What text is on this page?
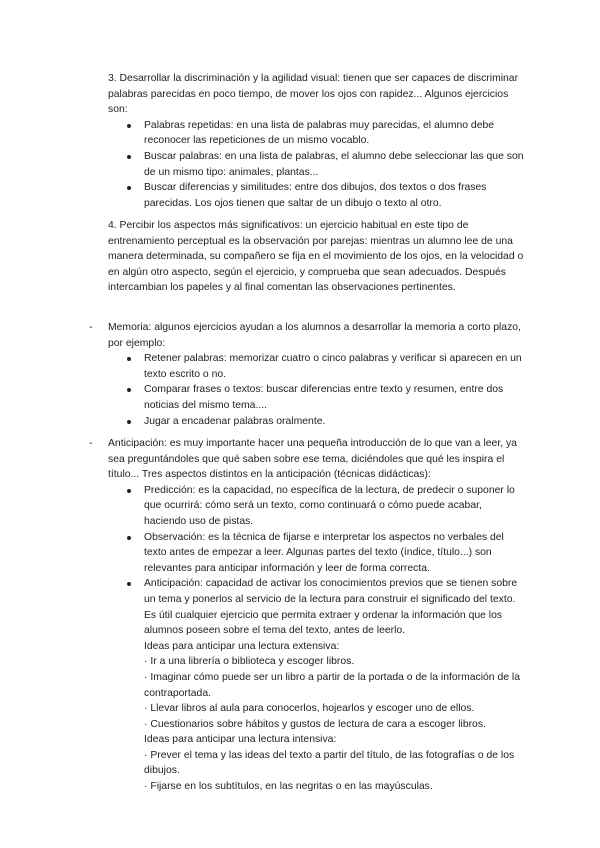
3. Desarrollar la discriminación y la agilidad visual: tienen que ser capaces de discriminar palabras parecidas en poco tiempo, de mover los ojos con rapidez... Algunos ejercicios son:

Palabras repetidas: en una lista de palabras muy parecidas, el alumno debe reconocer las repeticiones de un mismo vocablo.
Buscar palabras: en una lista de palabras, el alumno debe seleccionar las que son de un mismo tipo: animales, plantas...
Buscar diferencias y similitudes: entre dos dibujos, dos textos o dos frases parecidas. Los ojos tienen que saltar de un dibujo o texto al otro.

4. Percibir los aspectos más significativos: un ejercicio habitual en este tipo de entrenamiento perceptual es la observación por parejas: mientras un alumno lee de una manera determinada, su compañero se fija en el movimiento de los ojos, en la velocidad o en algún otro aspecto, según el ejercicio, y comprueba que sean adecuados. Después intercambian los papeles y al final comentan las observaciones pertinentes.

- Memoria: algunos ejercicios ayudan a los alumnos a desarrollar la memoria a corto plazo, por ejemplo:

Retener palabras: memorizar cuatro o cinco palabras y verificar si aparecen en un texto escrito o no.
Comparar frases o textos: buscar diferencias entre texto y resumen, entre dos noticias del mismo tema....
Jugar a encadenar palabras oralmente.
- Anticipación: es muy importante hacer una pequeña introducción de lo que van a leer, ya sea preguntándoles que qué saben sobre ese tema, diciéndoles que qué les inspira el título... Tres aspectos distintos en la anticipación (técnicas didácticas):

Predicción: es la capacidad, no específica de la lectura, de predecir o suponer lo que ocurrirá: cómo será un texto, como continuará o cómo puede acabar, haciendo uso de pistas.
Observación: es la técnica de fijarse e interpretar los aspectos no verbales del texto antes de empezar a leer. Algunas partes del texto (índice, título...) son relevantes para anticipar información y leer de forma correcta.
Anticipación: capacidad de activar los conocimientos previos que se tienen sobre un tema y ponerlos al servicio de la lectura para construir el significado del texto. Es útil cualquier ejercicio que permita extraer y ordenar la información que los alumnos poseen sobre el tema del texto, antes de leerlo.

Ideas para anticipar una lectura extensiva:

· Ir a una librería o biblioteca y escoger libros.

· Imaginar cómo puede ser un libro a partir de la portada o de la información de la contraportada.

· Llevar libros al aula para conocerlos, hojearlos y escoger uno de ellos.

· Cuestionarios sobre hábitos y gustos de lectura de cara a escoger libros.

Ideas para anticipar una lectura intensiva:

· Prever el tema y las ideas del texto a partir del título, de las fotografías o de los dibujos.

· Fijarse en los subtítulos, en las negritas o en las mayúsculas.
